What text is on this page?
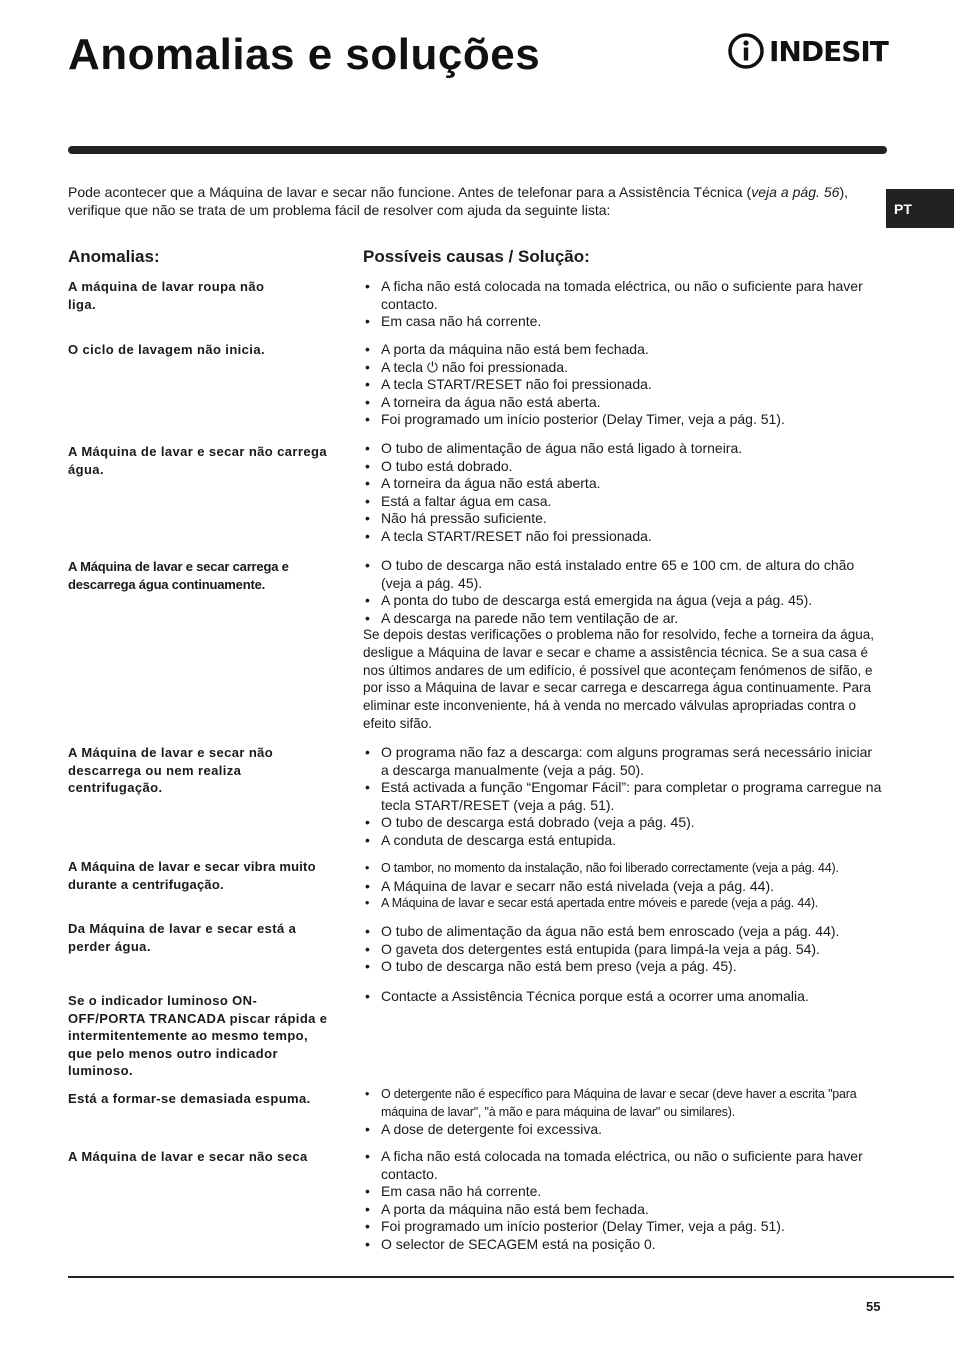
Anomalias e soluções	INDESIT

Pode acontecer que a Máquina de lavar e secar não funcione. Antes de telefonar para a Assistência Técnica (veja a pág. 56), verifique que não se trata de um problema fácil de resolver com ajuda da seguinte lista:	PT
Anomalias:	Possíveis causas / Solução:

A máquina de lavar roupa não liga.

• A ficha não está colocada na tomada eléctrica, ou não o suficiente para haver contacto.
• Em casa não há corrente.

O ciclo de lavagem não inicia.	• A porta da máquina não está bem fechada.
• A tecla ⏻ não foi pressionada.
• A tecla START/RESET não foi pressionada.
• A torneira da água não está aberta.
• Foi programado um início posterior (Delay Timer, veja a pág. 51).

A Máquina de lavar e secar não carrega água.

• O tubo de alimentação de água não está ligado à torneira.
• O tubo está dobrado.
• A torneira da água não está aberta.
• Está a faltar água em casa.
• Não há pressão suficiente.
• A tecla START/RESET não foi pressionada.

A Máquina de lavar e secar carrega e descarrega água continuamente.

• O tubo de descarga não está instalado entre 65 e 100 cm. de altura do chão (veja a pág. 45).
• A ponta do tubo de descarga está emergida na água (veja a pág. 45).
• A descarga na parede não tem ventilação de ar.

Se depois destas verificações o problema não for resolvido, feche a torneira da água, desligue a Máquina de lavar e secar e chame a assistência técnica. Se a sua casa é nos últimos andares de um edifício, é possível que aconteçam fenómenos de sifão, e por isso a Máquina de lavar e secar carrega e descarrega água continuamente. Para eliminar este inconveniente, há à venda no mercado válvulas apropriadas contra o efeito sifão.

A Máquina de lavar e secar não descarrega ou nem realiza centrifugação.

• O programa não faz a descarga: com alguns programas será necessário iniciar a descarga manualmente (veja a pág. 50).
• Está activada a função “Engomar Fácil”: para completar o programa carregue na tecla START/RESET (veja a pág. 51).
• O tubo de descarga está dobrado (veja a pág. 45).
• A conduta de descarga está entupida.

A Máquina de lavar e secar vibra muito durante a centrifugação.

• O tambor, no momento da instalação, não foi liberado correctamente (veja a pág. 44).
• A Máquina de lavar e secarr não está nivelada (veja a pág. 44).
• A Máquina de lavar e secar está apertada entre móveis e parede (veja a pág. 44).

Da Máquina de lavar e secar está a perder água.

• O tubo de alimentação da água não está bem enroscado (veja a pág. 44).
• O gaveta dos detergentes está entupida (para limpá-la veja a pág. 54).
• O tubo de descarga não está bem preso (veja a pág. 45).

Se o indicador luminoso ON-OFF/PORTA TRANCADA piscar rápida e intermitentemente ao mesmo tempo, que pelo menos outro indicador luminoso.

• Contacte a Assistência Técnica porque está a ocorrer uma anomalia.

Está a formar-se demasiada espuma.	• O detergente não é específico para Máquina de lavar e secar (deve haver a escrita "para máquina de lavar", "à mão e para máquina de lavar" ou similares).
• A dose de detergente foi excessiva.

A Máquina de lavar e secar não seca	• A ficha não está colocada na tomada eléctrica, ou não o suficiente para haver contacto.
• Em casa não há corrente.
• A porta da máquina não está bem fechada.
• Foi programado um início posterior (Delay Timer, veja a pág. 51).
• O selector de SECAGEM está na posição 0.
55
